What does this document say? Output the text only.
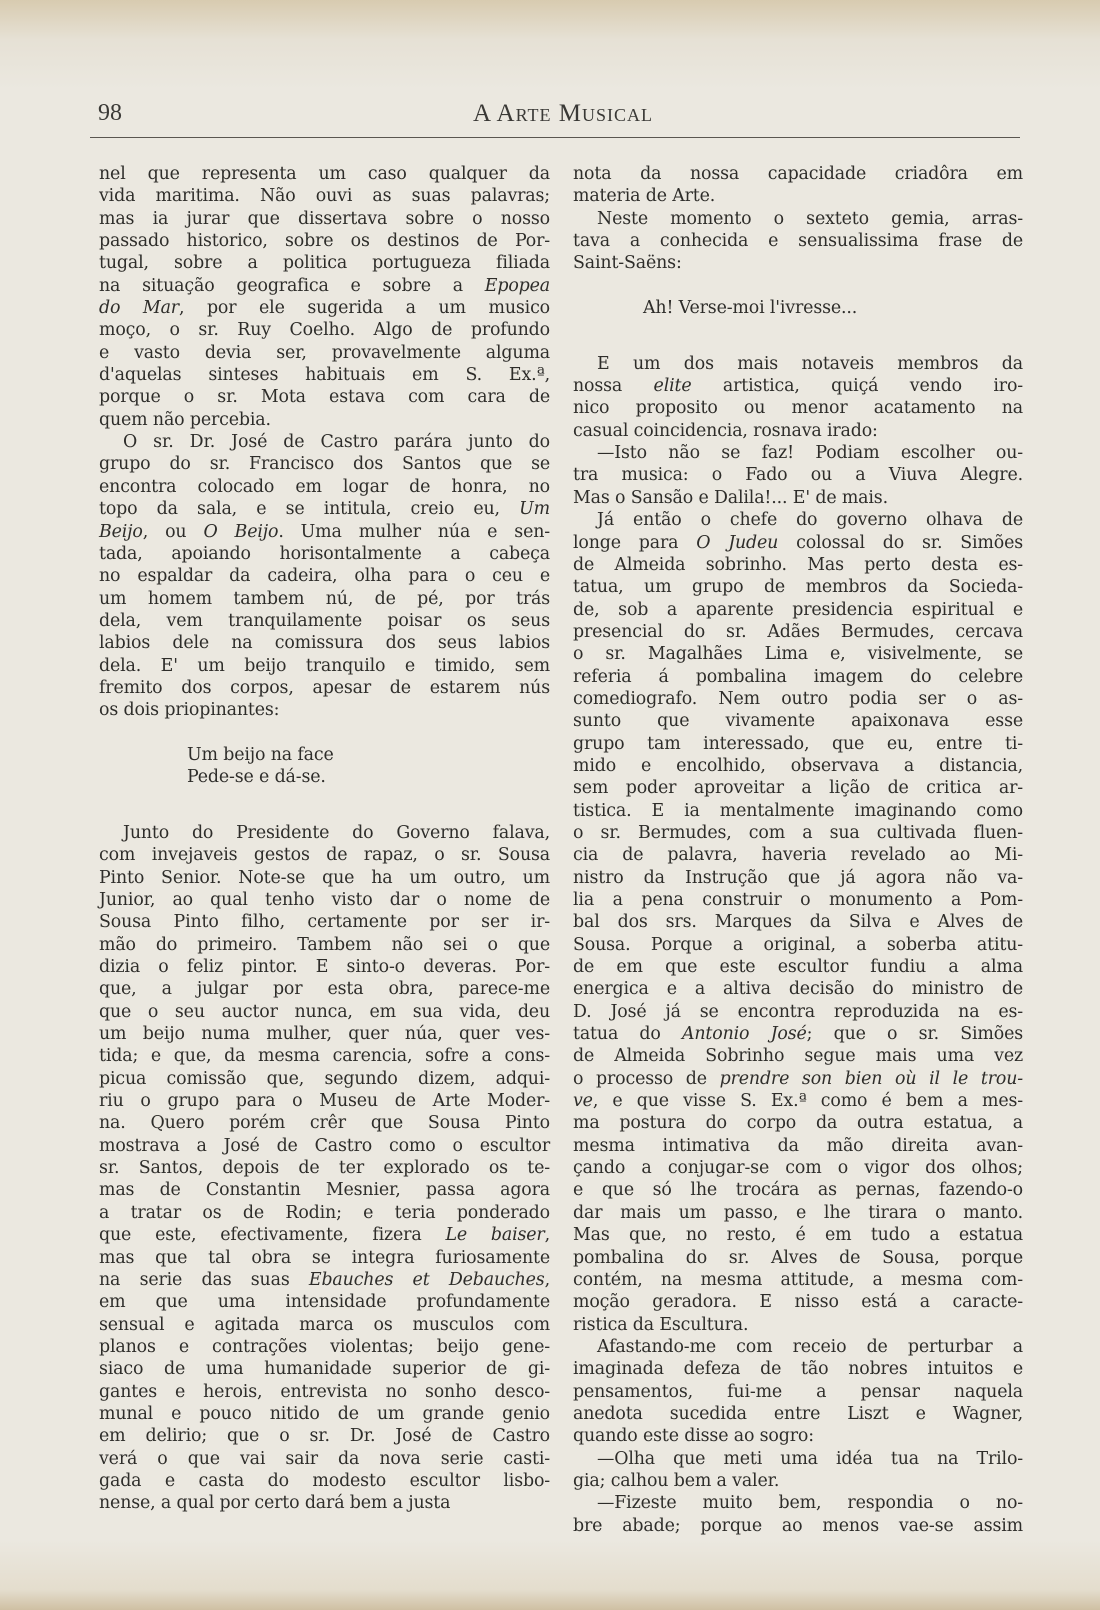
98	A Arte Musical
nel que representa um caso qualquer da
vida maritima. Não ouvi as suas palavras;
mas ia jurar que dissertava sobre o nosso
passado historico, sobre os destinos de Por-
tugal, sobre a politica portugueza filiada
na situação geografica e sobre a Epopea
do Mar, por ele sugerida a um musico
moço, o sr. Ruy Coelho. Algo de profundo
e vasto devia ser, provavelmente alguma
d'aquelas sinteses habituais em S. Ex.ª,
porque o sr. Mota estava com cara de
quem não percebia.
O sr. Dr. José de Castro parára junto do
grupo do sr. Francisco dos Santos que se
encontra colocado em logar de honra, no
topo da sala, e se intitula, creio eu, Um
Beijo, ou O Beijo. Uma mulher núa e sen-
tada, apoiando horisontalmente a cabeça
no espaldar da cadeira, olha para o ceu e
um homem tambem nú, de pé, por trás
dela, vem tranquilamente poisar os seus
labios dele na comissura dos seus labios
dela. E' um beijo tranquilo e timido, sem
fremito dos corpos, apesar de estarem nús
os dois priopinantes:
Um beijo na face
Pede-se e dá-se.
Junto do Presidente do Governo falava,
com invejaveis gestos de rapaz, o sr. Sousa
Pinto Senior. Note-se que ha um outro, um
Junior, ao qual tenho visto dar o nome de
Sousa Pinto filho, certamente por ser ir-
mão do primeiro. Tambem não sei o que
dizia o feliz pintor. E sinto-o deveras. Por-
que, a julgar por esta obra, parece-me
que o seu auctor nunca, em sua vida, deu
um beijo numa mulher, quer núa, quer ves-
tida; e que, da mesma carencia, sofre a cons-
picua comissão que, segundo dizem, adqui-
riu o grupo para o Museu de Arte Moder-
na. Quero porém crêr que Sousa Pinto
mostrava a José de Castro como o escultor
sr. Santos, depois de ter explorado os te-
mas de Constantin Mesnier, passa agora
a tratar os de Rodin; e teria ponderado
que este, efectivamente, fizera Le baiser,
mas que tal obra se integra furiosamente
na serie das suas Ebauches et Debauches,
em que uma intensidade profundamente
sensual e agitada marca os musculos com
planos e contrações violentas; beijo gene-
siaco de uma humanidade superior de gi-
gantes e herois, entrevista no sonho desco-
munal e pouco nitido de um grande genio
em delirio; que o sr. Dr. José de Castro
verá o que vai sair da nova serie casti-
gada e casta do modesto escultor lisbo-
nense, a qual por certo dará bem a justa
nota da nossa capacidade criadôra em
materia de Arte.
Neste momento o sexteto gemia, arras-
tava a conhecida e sensualissima frase de
Saint-Saëns:
Ah! Verse-moi l'ivresse...
E um dos mais notaveis membros da
nossa elite artistica, quiçá vendo iro-
nico proposito ou menor acatamento na
casual coincidencia, rosnava irado:
—Isto não se faz! Podiam escolher ou-
tra musica: o Fado ou a Viuva Alegre.
Mas o Sansão e Dalila!... E' de mais.
Já então o chefe do governo olhava de
longe para O Judeu colossal do sr. Simões
de Almeida sobrinho. Mas perto desta es-
tatua, um grupo de membros da Socieda-
de, sob a aparente presidencia espiritual e
presencial do sr. Adães Bermudes, cercava
o sr. Magalhães Lima e, visivelmente, se
referia á pombalina imagem do celebre
comediografo. Nem outro podia ser o as-
sunto que vivamente apaixonava esse
grupo tam interessado, que eu, entre ti-
mido e encolhido, observava a distancia,
sem poder aproveitar a lição de critica ar-
tistica. E ia mentalmente imaginando como
o sr. Bermudes, com a sua cultivada fluen-
cia de palavra, haveria revelado ao Mi-
nistro da Instrução que já agora não va-
lia a pena construir o monumento a Pom-
bal dos srs. Marques da Silva e Alves de
Sousa. Porque a original, a soberba atitu-
de em que este escultor fundiu a alma
energica e a altiva decisão do ministro de
D. José já se encontra reproduzida na es-
tatua do Antonio José; que o sr. Simões
de Almeida Sobrinho segue mais uma vez
o processo de prendre son bien où il le trou-
ve, e que visse S. Ex.ª como é bem a mes-
ma postura do corpo da outra estatua, a
mesma intimativa da mão direita avan-
çando a conjugar-se com o vigor dos olhos;
e que só lhe trocára as pernas, fazendo-o
dar mais um passo, e lhe tirara o manto.
Mas que, no resto, é em tudo a estatua
pombalina do sr. Alves de Sousa, porque
contém, na mesma attitude, a mesma com-
moção geradora. E nisso está a caracte-
ristica da Escultura.
Afastando-me com receio de perturbar a
imaginada defeza de tão nobres intuitos e
pensamentos, fui-me a pensar naquela
anedota sucedida entre Liszt e Wagner,
quando este disse ao sogro:
—Olha que meti uma idéa tua na Trilo-
gia; calhou bem a valer.
—Fizeste muito bem, respondia o no-
bre abade; porque ao menos vae-se assim
